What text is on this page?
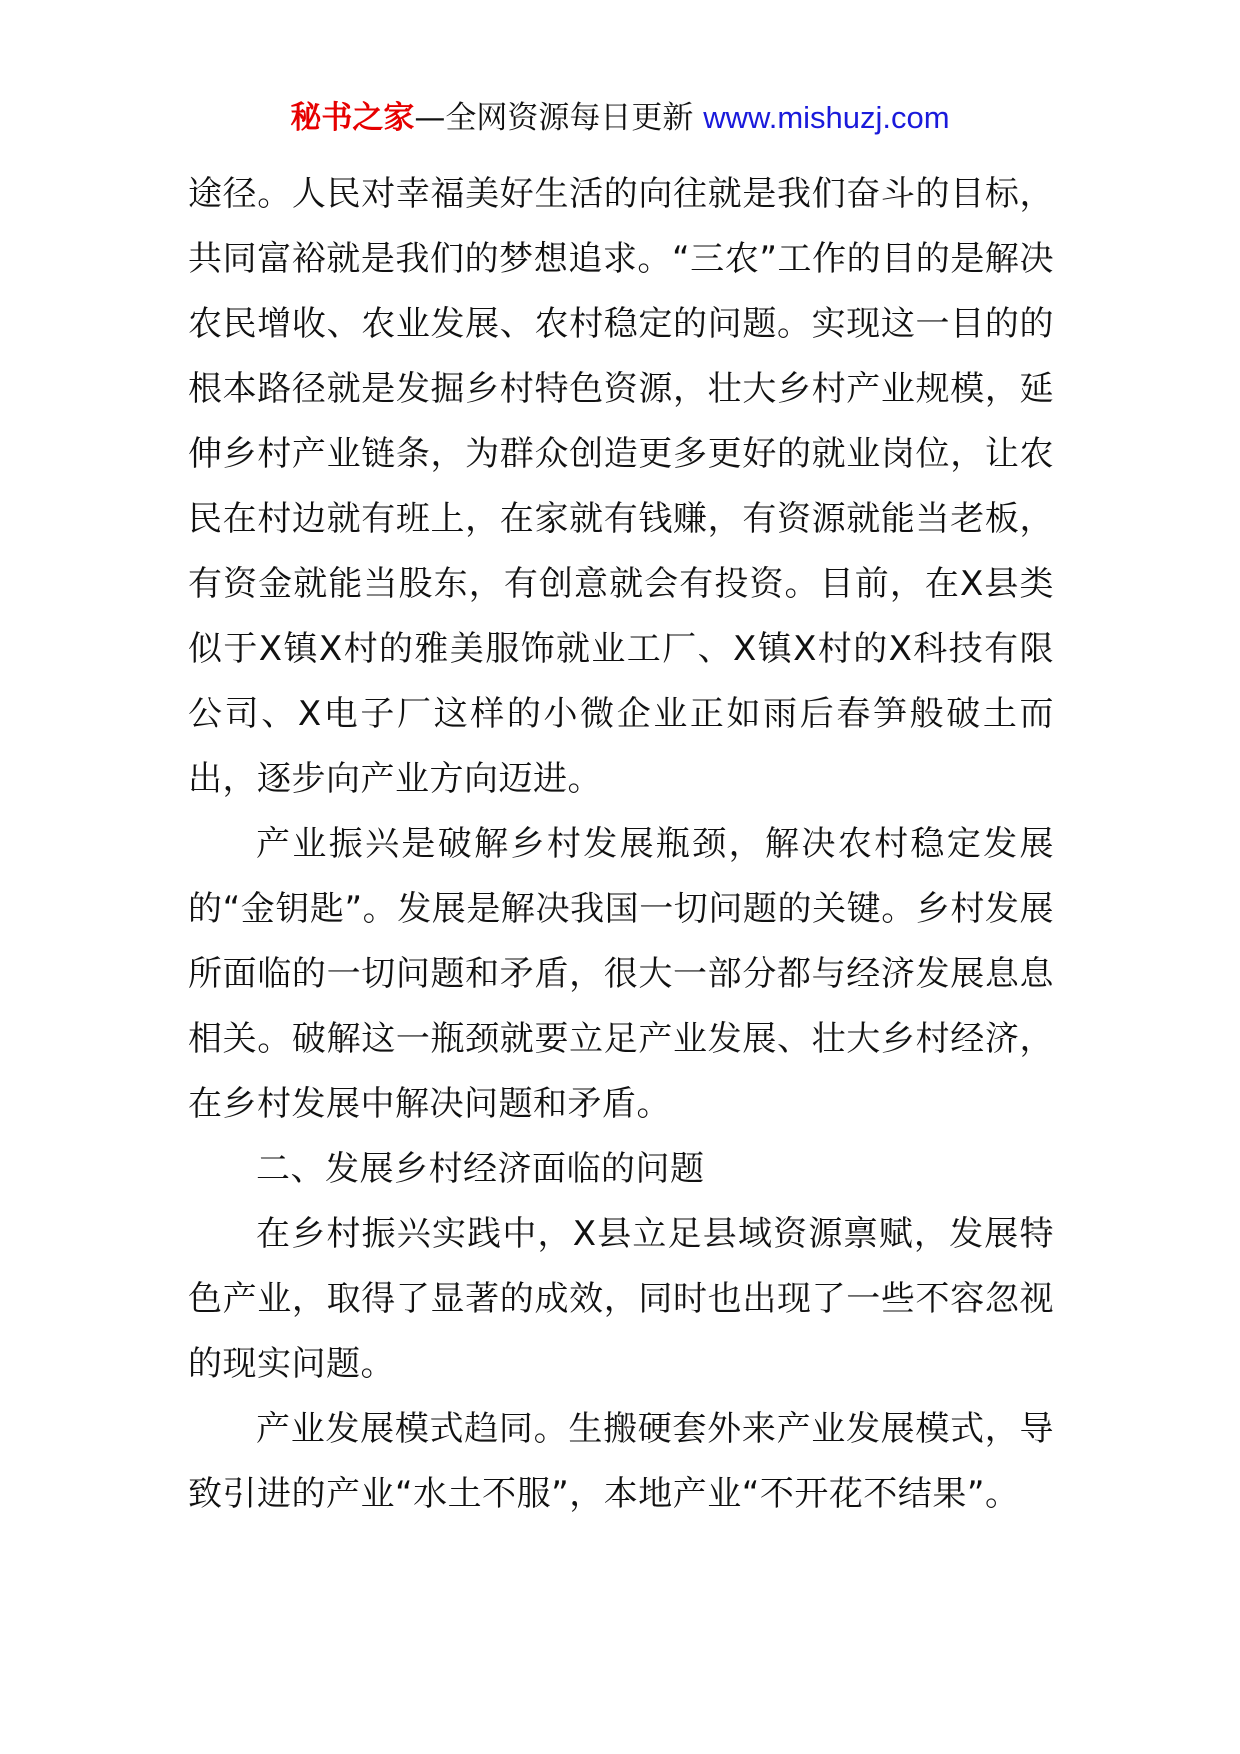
秘书之家—全网资源每日更新 www.mishuzj.com

途径。人民对幸福美好生活的向往就是我们奋斗的目标，共同富裕就是我们的梦想追求。“三农”工作的目的是解决农民增收、农业发展、农村稳定的问题。实现这一目的的根本路径就是发掘乡村特色资源，壮大乡村产业规模，延伸乡村产业链条，为群众创造更多更好的就业岗位，让农民在村边就有班上，在家就有钱赚，有资源就能当老板，有资金就能当股东，有创意就会有投资。目前，在X县类似于X镇X村的雅美服饰就业工厂、X镇X村的X科技有限公司、X电子厂这样的小微企业正如雨后春笋般破土而出，逐步向产业方向迈进。

产业振兴是破解乡村发展瓶颈，解决农村稳定发展的“金钥匙”。发展是解决我国一切问题的关键。乡村发展所面临的一切问题和矛盾，很大一部分都与经济发展息息相关。破解这一瓶颈就要立足产业发展、壮大乡村经济，在乡村发展中解决问题和矛盾。

二、发展乡村经济面临的问题

在乡村振兴实践中，X县立足县域资源禀赋，发展特色产业，取得了显著的成效，同时也出现了一些不容忽视的现实问题。

产业发展模式趋同。生搬硬套外来产业发展模式，导致引进的产业“水土不服”，本地产业“不开花不结果”。
